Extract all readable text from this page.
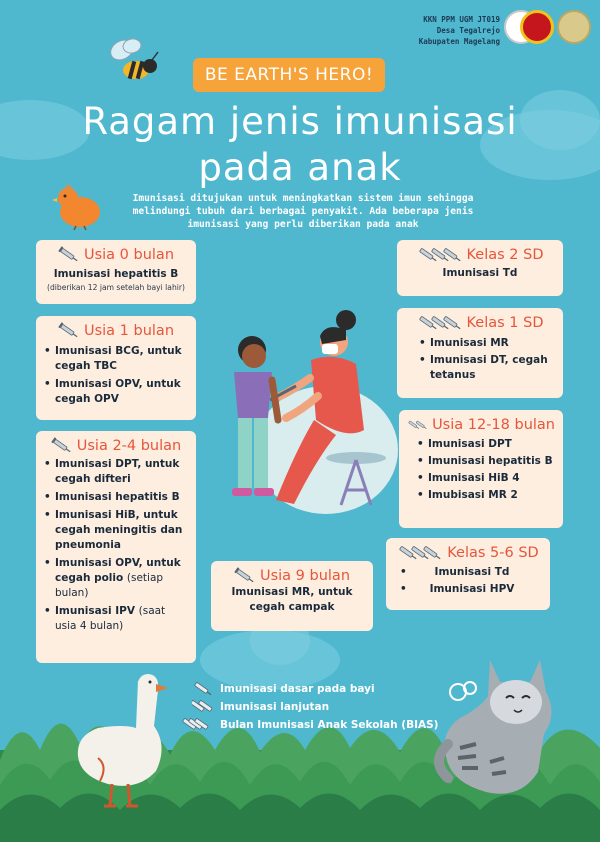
KKN PPM UGM JT019
Desa Tegalrejo
Kabupaten Magelang
BE EARTH'S HERO!
Ragam jenis imunisasi
pada anak
Imunisasi ditujukan untuk meningkatkan sistem imun sehingga melindungi tubuh dari berbagai penyakit. Ada beberapa jenis imunisasi yang perlu diberikan pada anak
Usia 0 bulan
Imunisasi hepatitis B
(diberikan 12 jam setelah bayi lahir)
Usia 1 bulan
• Imunisasi BCG, untuk cegah TBC
• Imunisasi OPV, untuk cegah OPV
Usia 2-4 bulan
• Imunisasi DPT, untuk cegah difteri
• Imunisasi hepatitis B
• Imunisasi HiB, untuk cegah meningitis dan pneumonia
• Imunisasi OPV, untuk cegah polio (setiap bulan)
• Imunisasi IPV (saat usia 4 bulan)
Usia 9 bulan
Imunisasi MR, untuk cegah campak
Kelas 2 SD
Imunisasi Td
Kelas 1 SD
• Imunisasi MR
• Imunisasi DT, cegah tetanus
Usia 12-18 bulan
• Imunisasi DPT
• Imunisasi hepatitis B
• Imunisasi HiB 4
• Imubisasi MR 2
Kelas 5-6 SD
• Imunisasi Td
• Imunisasi HPV
Imunisasi dasar pada bayi
Imunisasi lanjutan
Bulan Imunisasi Anak Sekolah (BIAS)
